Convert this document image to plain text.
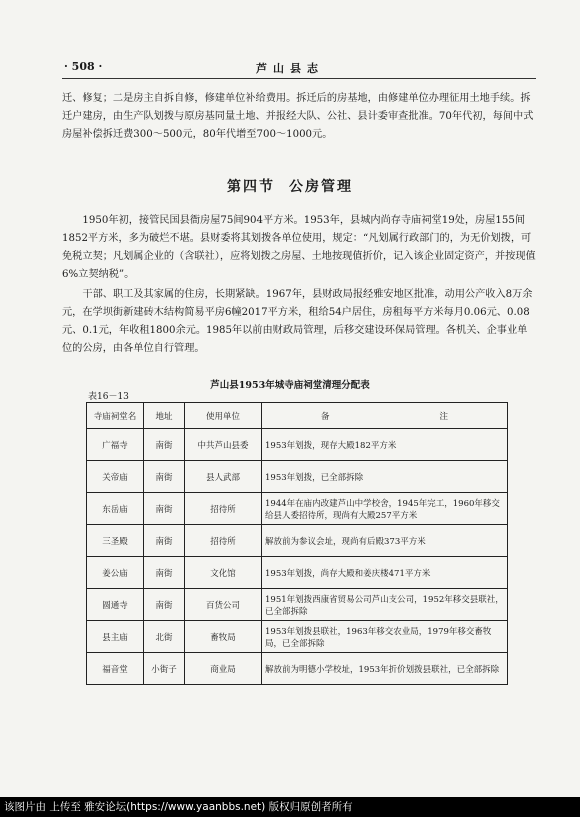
· 508 ·	芦山县志

迁、修复；二是房主自拆自修，修建单位补给费用。拆迁后的房基地，由修建单位办理征用土地手续。拆迁户建房，由生产队划拨与原房基同量土地、并报经大队、公社、县计委审查批准。70年代初，每间中式房屋补偿拆迁费300～500元，80年代增至700～1000元。

第四节 公房管理

1950年初，接管民国县衙房屋75间904平方米。1953年，县城内尚存寺庙祠堂19处，房屋155间1852平方米，多为破烂不堪。县财委将其划拨各单位使用，规定：“凡划属行政部门的，为无价划拨，可免税立契；凡划属企业的（含联社），应将划拨之房屋、土地按现值折价，记入该企业固定资产，并按现值6%立契纳税”。

干部、职工及其家属的住房，长期紧缺。1967年，县财政局报经雅安地区批准，动用公产收入8万余元，在学坝街新建砖木结构简易平房6幢2017平方米，租给54户居住，房租每平方米每月0.06元、0.08元、0.1元，年收租1800余元。1985年以前由财政局管理，后移交建设环保局管理。各机关、企事业单位的公房，由各单位自行管理。

芦山县1953年城寺庙祠堂清理分配表
表16－13
寺庙祠堂名	地址	使用单位	备 注
广福寺	南街	中共芦山县委	1953年划拨，现存大殿182平方米
关帝庙	南街	县人武部	1953年划拨，已全部拆除
东岳庙	南街	招待所	1944年在庙内改建芦山中学校舍，1945年完工，1960年移交给县人委招待所，现尚有大殿257平方米
三圣殿	南街	招待所	解放前为参议会址，现尚有后殿373平方米
姜公庙	南街	文化馆	1953年划拨，尚存大殿和姜庆楼471平方米
圆通寺	南街	百货公司	1951年划拨西康省贸易公司芦山支公司，1952年移交县联社，已全部拆除
县主庙	北街	畜牧局	1953年划拨县联社，1963年移交农业局，1979年移交畜牧局，已全部拆除
福音堂	小街子	商业局	解放前为明德小学校址，1953年折价划拨县联社，已全部拆除
该图片由 上传至 雅安论坛(https://www.yaanbbs.net) 版权归原创者所有
